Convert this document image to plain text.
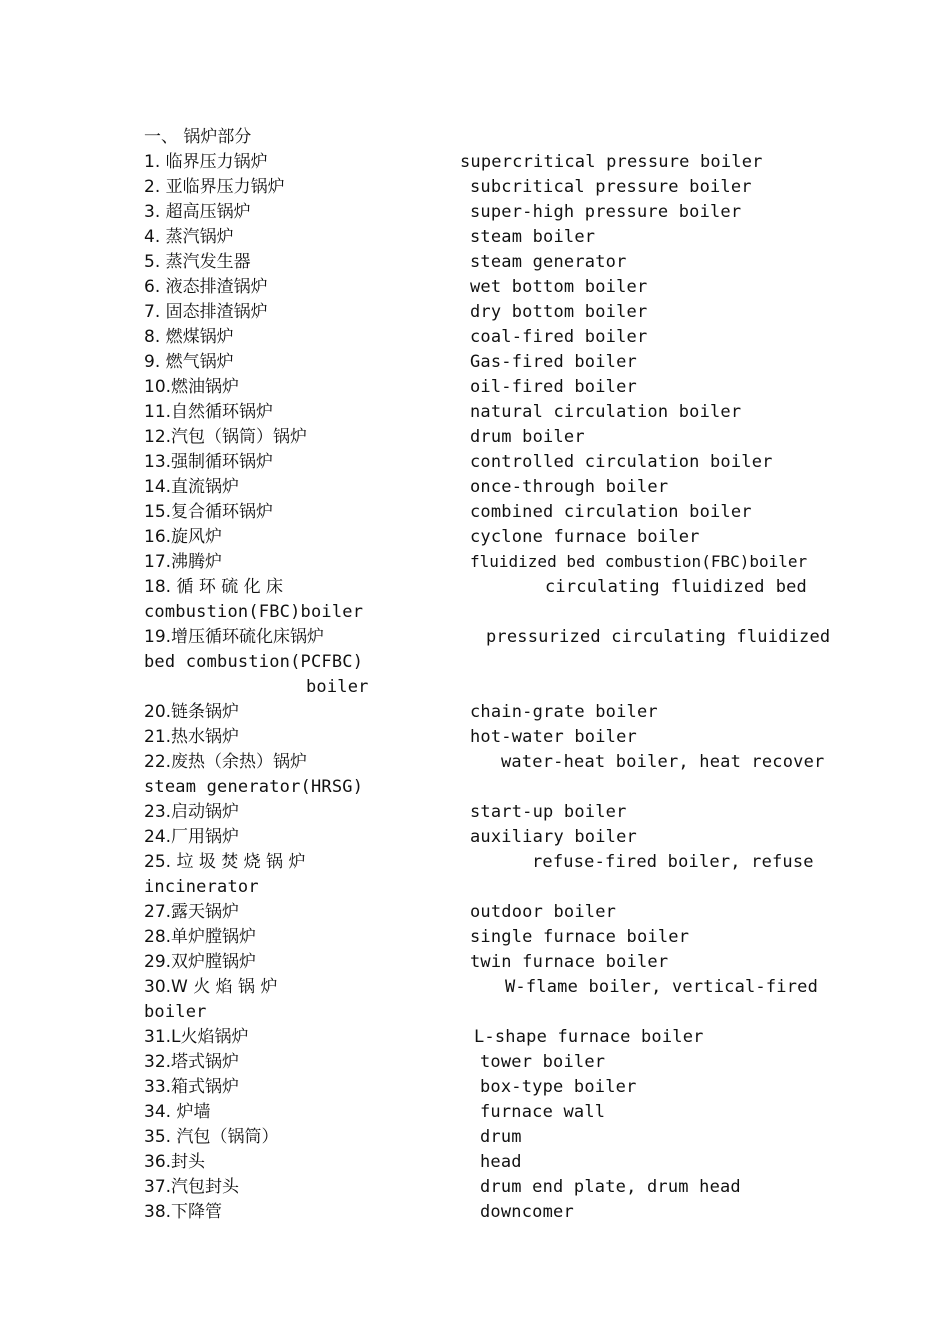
一、 锅炉部分
1. 临界压力锅炉	supercritical pressure boiler
2. 亚临界压力锅炉	subcritical pressure boiler
3. 超高压锅炉	super-high pressure boiler
4. 蒸汽锅炉	steam boiler
5. 蒸汽发生器	steam generator
6. 液态排渣锅炉	wet bottom boiler
7. 固态排渣锅炉	dry bottom boiler
8. 燃煤锅炉	coal-fired boiler
9. 燃气锅炉	Gas-fired boiler
10.燃油锅炉	oil-fired boiler
11.自然循环锅炉	natural circulation boiler
12.汽包（锅筒）锅炉	drum boiler
13.强制循环锅炉	controlled circulation boiler
14.直流锅炉	once-through boiler
15.复合循环锅炉	combined circulation boiler
16.旋风炉	cyclone furnace boiler
17.沸腾炉	fluidized bed combustion(FBC)boiler
18. 循 环 硫 化 床	circulating fluidized bed
combustion(FBC)boiler
19.增压循环硫化床锅炉	pressurized circulating fluidized
bed combustion(PCFBC)
boiler
20.链条锅炉	chain-grate boiler
21.热水锅炉	hot-water boiler
22.废热（余热）锅炉	water-heat boiler, heat recover
steam generator(HRSG)
23.启动锅炉	start-up boiler
24.厂用锅炉	auxiliary boiler
25. 垃 圾 焚 烧 锅 炉	refuse-fired boiler, refuse
incinerator
27.露天锅炉	outdoor boiler
28.单炉膛锅炉	single furnace boiler
29.双炉膛锅炉	twin furnace boiler
30.W 火 焰 锅 炉	W-flame boiler, vertical-fired
boiler
31.L火焰锅炉	L-shape furnace boiler
32.塔式锅炉	tower boiler
33.箱式锅炉	box-type boiler
34. 炉墙	furnace wall
35. 汽包（锅筒）	drum
36.封头	head
37.汽包封头	drum end plate, drum head
38.下降管	downcomer
